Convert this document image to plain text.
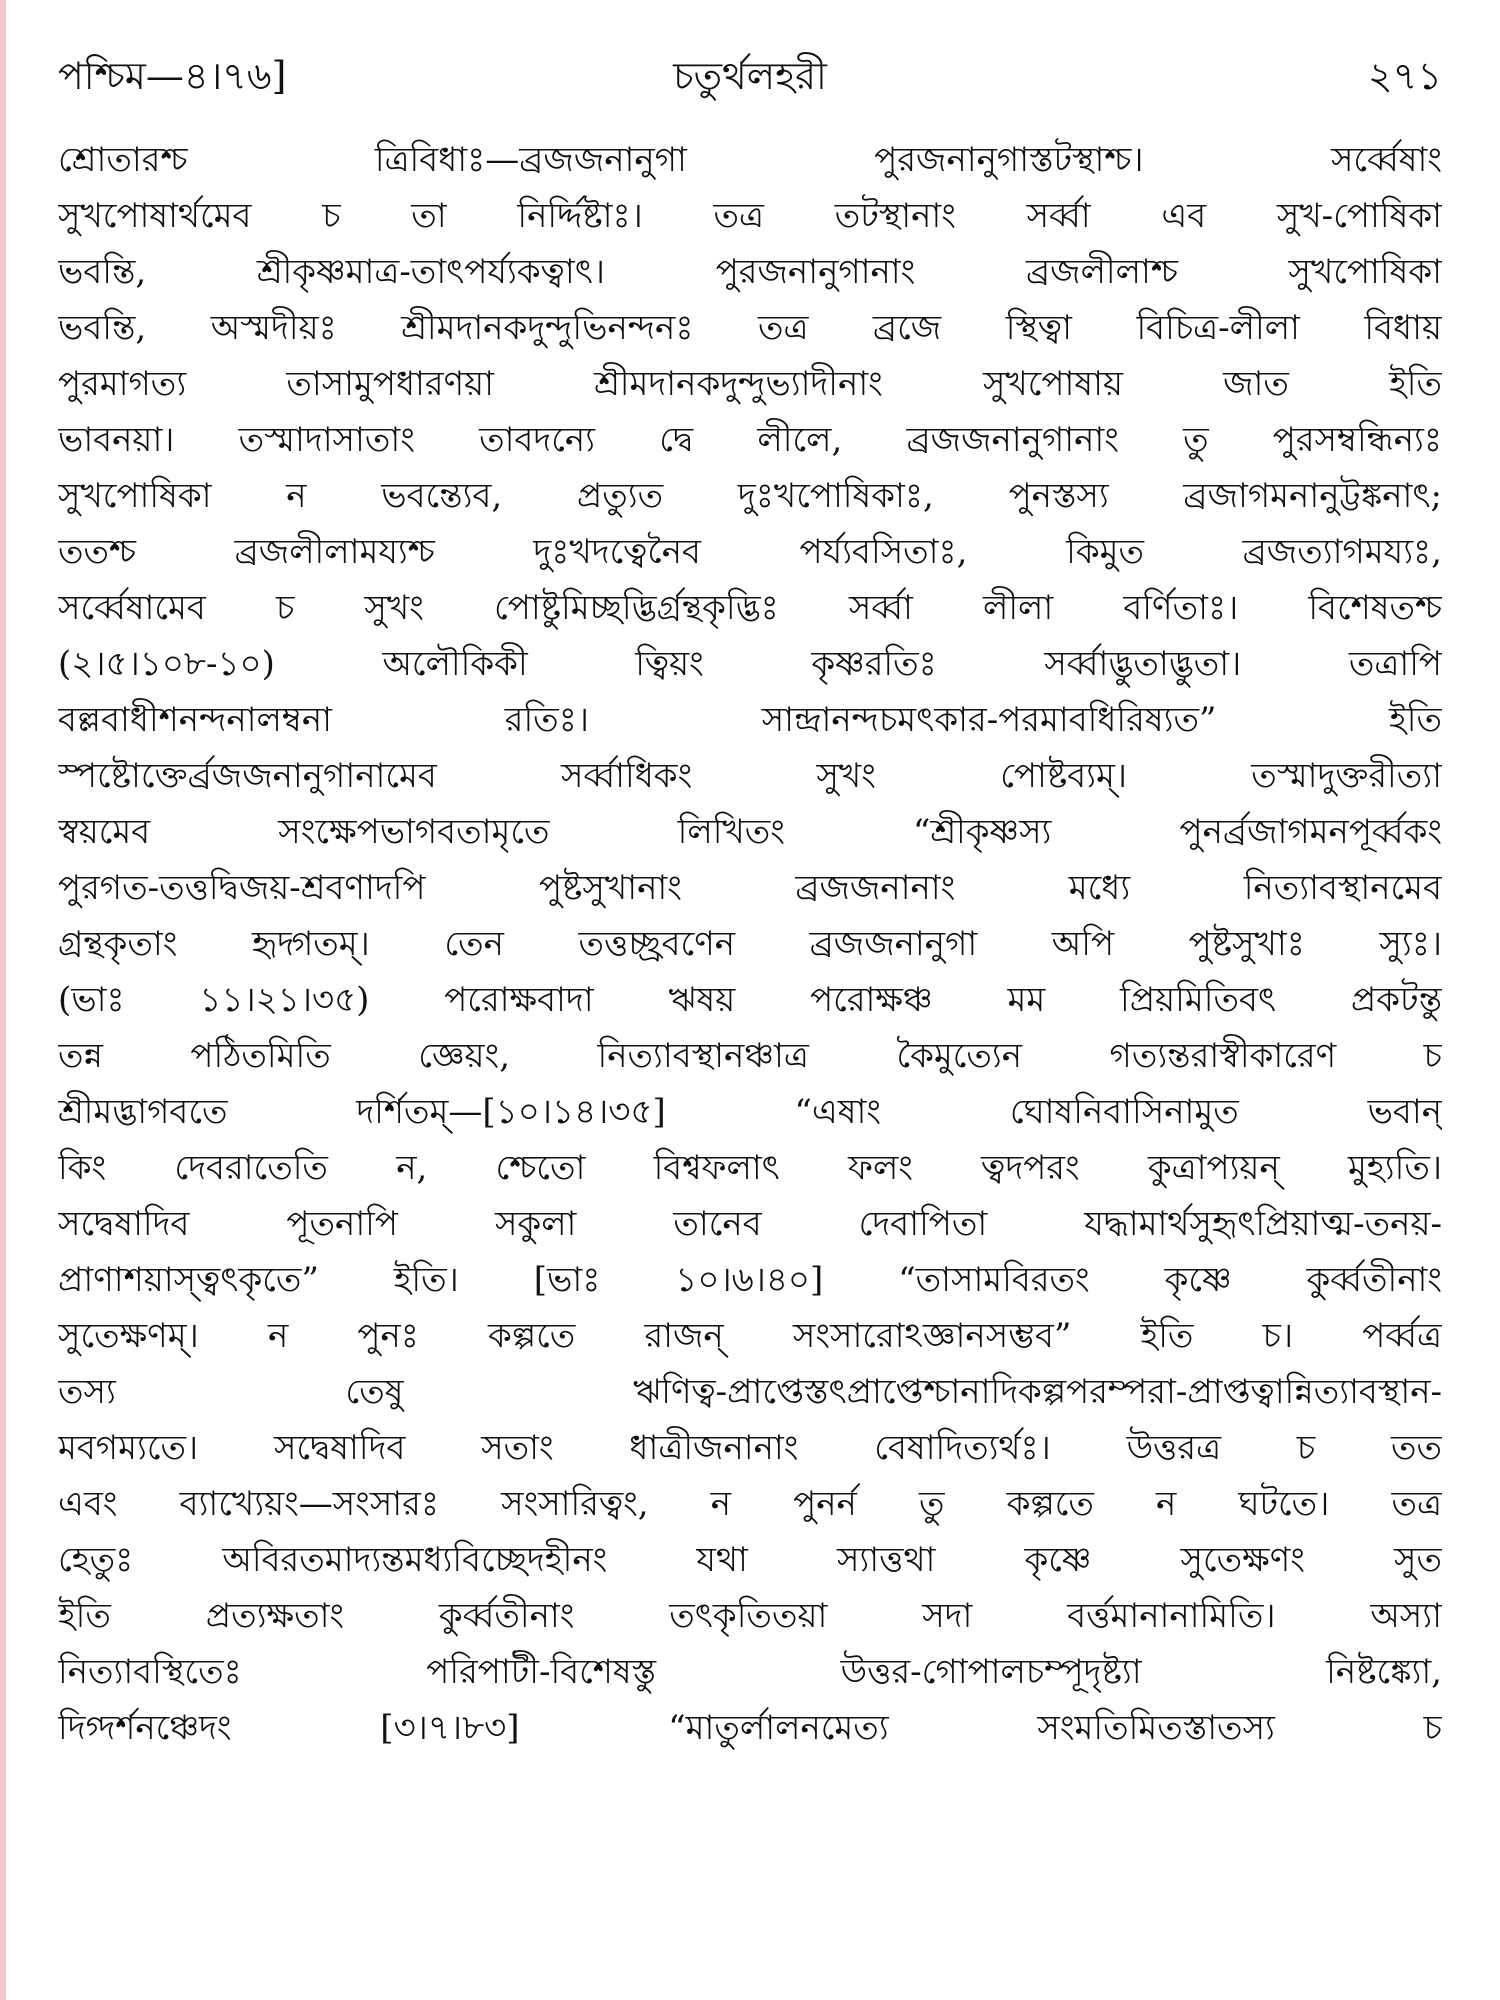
পশ্চিম—৪।৭৬]	চতুর্থলহরী	২৭১
শ্রোতারশ্চ ত্রিবিধাঃ—ব্রজজনানুগা পুরজনানুগাস্তটস্থাশ্চ। সর্ব্বেষাং
সুখপোষার্থমেব চ তা নির্দ্দিষ্টাঃ। তত্র তটস্থানাং সর্ব্বা এব সুখ-পোষিকা
ভবন্তি, শ্রীকৃষ্ণমাত্র-তাৎপর্য্যকত্বাৎ। পুরজনানুগানাং ব্রজলীলাশ্চ সুখপোষিকা
ভবন্তি, অস্মদীয়ঃ শ্রীমদানকদুন্দুভিনন্দনঃ তত্র ব্রজে স্থিত্বা বিচিত্র-লীলা বিধায়
পুরমাগত্য তাসামুপধারণয়া শ্রীমদানকদুন্দুভ্যাদীনাং সুখপোষায় জাত ইতি
ভাবনয়া। তস্মাদাসাতাং তাবদন্যে দ্বে লীলে, ব্রজজনানুগানাং তু পুরসম্বন্ধিন্যঃ
সুখপোষিকা ন ভবন্ত্যেব, প্রত্যুত দুঃখপোষিকাঃ, পুনস্তস্য ব্রজাগমনানুট্টঙ্কনাৎ;
ততশ্চ ব্রজলীলাময্যশ্চ দুঃখদত্বেনৈব পর্য্যবসিতাঃ, কিমুত ব্রজত্যাগময্যঃ,
সর্ব্বেষামেব চ সুখং পোষ্টুমিচ্ছদ্ভির্গ্রন্থকৃদ্ভিঃ সর্ব্বা লীলা বর্ণিতাঃ। বিশেষতশ্চ
(২।৫।১০৮-১০) অলৌকিকী ত্বিয়ং কৃষ্ণরতিঃ সর্ব্বাদ্ভুতাদ্ভুতা। তত্রাপি
বল্লবাধীশনন্দনালম্বনা রতিঃ। সান্দ্রানন্দচমৎকার-পরমাবধিরিষ্যত” ইতি
স্পষ্টোক্তের্ব্রজজনানুগানামেব সর্ব্বাধিকং সুখং পোষ্টব্যম্। তস্মাদুক্তরীত্যা
স্বয়মেব সংক্ষেপভাগবতামৃতে লিখিতং “শ্রীকৃষ্ণস্য পুনর্ব্রজাগমনপূর্ব্বকং
পুরগত-তত্তদ্বিজয়-শ্রবণাদপি পুষ্টসুখানাং ব্রজজনানাং মধ্যে নিত্যাবস্থানমেব
গ্রন্থকৃতাং হৃদ্গতম্। তেন তত্তচ্ছ্রবণেন ব্রজজনানুগা অপি পুষ্টসুখাঃ স্যুঃ।
(ভাঃ ১১।২১।৩৫) পরোক্ষবাদা ঋষয় পরোক্ষঞ্চ মম প্রিয়মিতিবৎ প্রকটন্তু
তন্ন পঠিতমিতি জ্ঞেয়ং, নিত্যাবস্থানঞ্চাত্র কৈমুত্যেন গত্যন্তরাস্বীকারেণ চ
শ্রীমদ্ভাগবতে দর্শিতম্—[১০।১৪।৩৫] “এষাং ঘোষনিবাসিনামুত ভবান্
কিং দেবরাতেতি ন, শ্চেতো বিশ্বফলাৎ ফলং ত্বদপরং কুত্রাপ্যয়ন্ মুহ্যতি।
সদ্বেষাদিব পূতনাপি সকুলা তানেব দেবাপিতা যদ্ধামার্থসুহৃৎপ্রিয়াত্ম-তনয়-
প্রাণাশয়াস্ত্বৎকৃতে” ইতি। [ভাঃ ১০।৬।৪০] “তাসামবিরতং কৃষ্ণে কুর্ব্বতীনাং
সুতেক্ষণম্। ন পুনঃ কল্পতে রাজন্ সংসারোঽজ্ঞানসম্ভব” ইতি চ। পর্ব্বত্র
তস্য তেষু ঋণিত্ব-প্রাপ্তেস্তৎপ্রাপ্তেশ্চানাদিকল্পপরম্পরা-প্রাপ্তত্বান্নিত্যাবস্থান-
মবগম্যতে। সদ্বেষাদিব সতাং ধাত্রীজনানাং বেষাদিত্যর্থঃ। উত্তরত্র চ তত
এবং ব্যাখ্যেয়ং—সংসারঃ সংসারিত্বং, ন পুনর্ন তু কল্পতে ন ঘটতে। তত্র
হেতুঃ অবিরতমাদ্যন্তমধ্যবিচ্ছেদহীনং যথা স্যাত্তথা কৃষ্ণে সুতেক্ষণং সুত
ইতি প্রত্যক্ষতাং কুর্ব্বতীনাং তৎকৃতিতয়া সদা বর্ত্তমানানামিতি। অস্যা
নিত্যাবস্থিতেঃ পরিপাটী-বিশেষস্তু উত্তর-গোপালচম্পূদৃষ্ট্যা নিষ্টঙ্ক্যো,
দিগ্দর্শনঞ্চেদং [৩।৭।৮৩] “মাতুর্লালনমেত্য সংমতিমিতস্তাতস্য চ
